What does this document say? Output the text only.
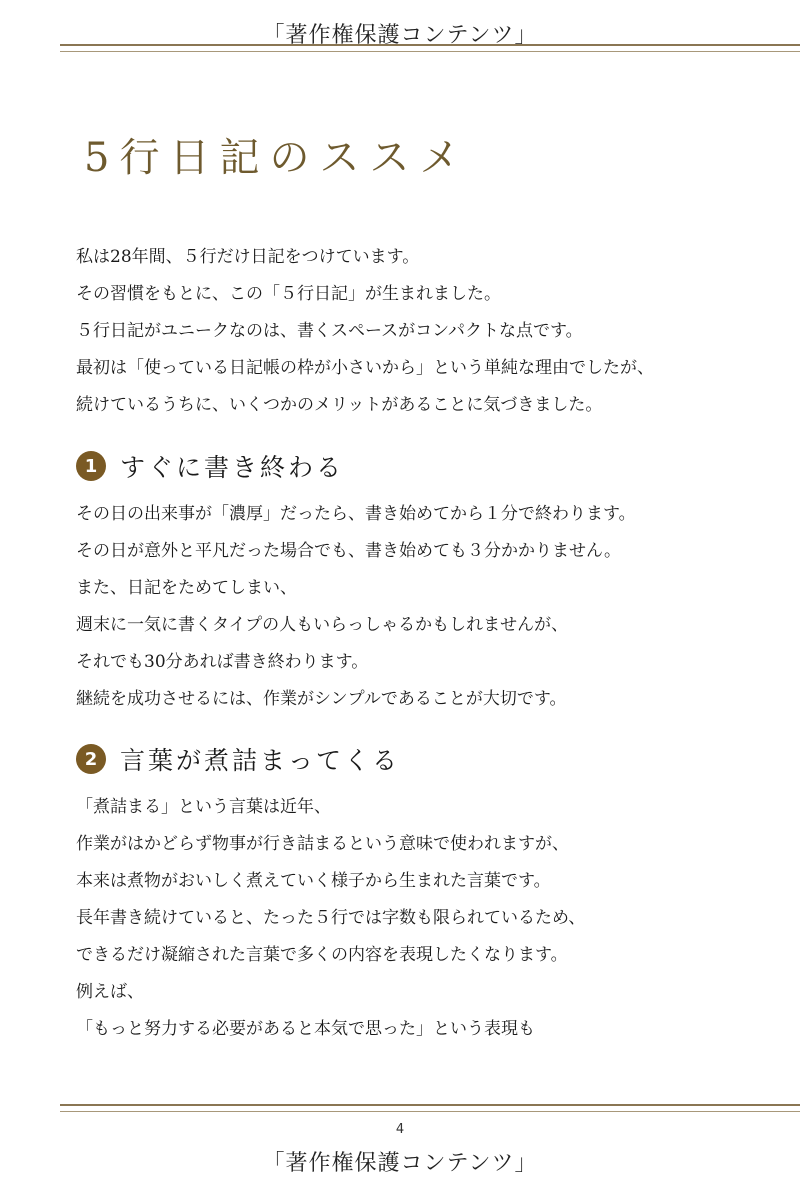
「著作権保護コンテンツ」
5行日記のススメ
私は28年間、５行だけ日記をつけています。
その習慣をもとに、この「５行日記」が生まれました。
５行日記がユニークなのは、書くスペースがコンパクトな点です。
最初は「使っている日記帳の枠が小さいから」という単純な理由でしたが、
続けているうちに、いくつかのメリットがあることに気づきました。
1 すぐに書き終わる
その日の出来事が「濃厚」だったら、書き始めてから１分で終わります。
その日が意外と平凡だった場合でも、書き始めても３分かかりません。
また、日記をためてしまい、
週末に一気に書くタイプの人もいらっしゃるかもしれませんが、
それでも30分あれば書き終わります。
継続を成功させるには、作業がシンプルであることが大切です。
2 言葉が煮詰まってくる
「煮詰まる」という言葉は近年、
作業がはかどらず物事が行き詰まるという意味で使われますが、
本来は煮物がおいしく煮えていく様子から生まれた言葉です。
長年書き続けていると、たった５行では字数も限られているため、
できるだけ凝縮された言葉で多くの内容を表現したくなります。
例えば、
「もっと努力する必要があると本気で思った」という表現も
4
「著作権保護コンテンツ」
